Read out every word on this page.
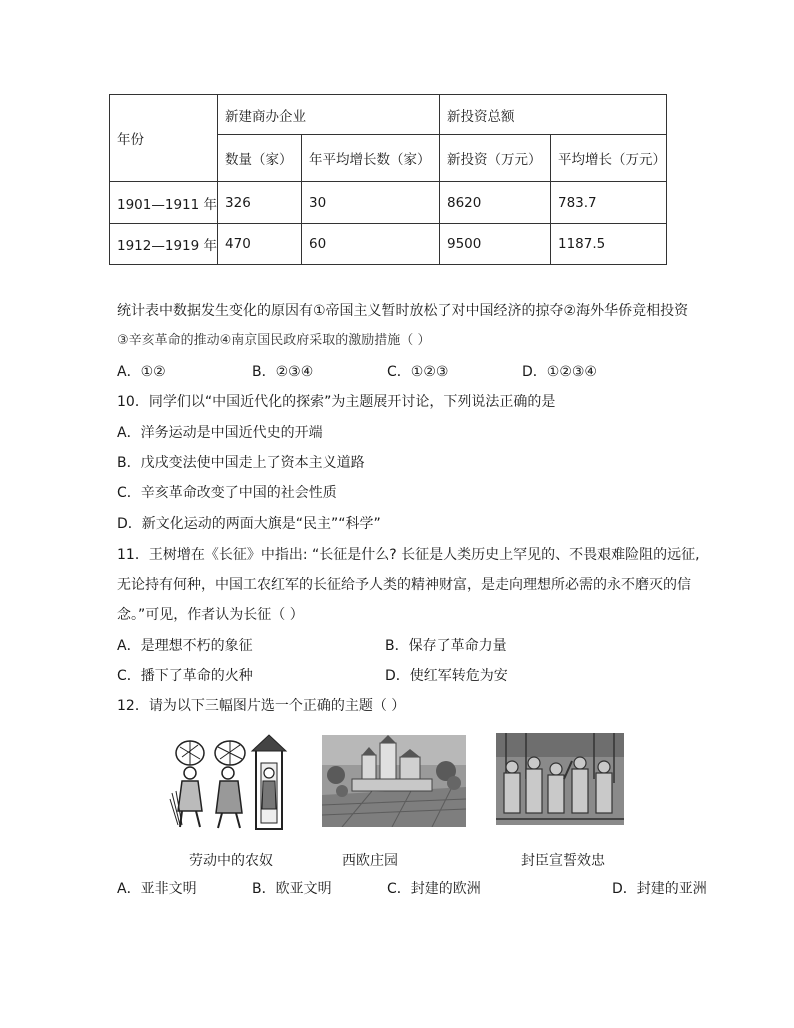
年份	新建商办企业		新投资总额	
	数量（家）	年平均增长数（家）	新投资（万元）	平均增长（万元）
1901—1911 年	326	30	8620	783.7
1912—1919 年	470	60	9500	1187.5
统计表中数据发生变化的原因有①帝国主义暂时放松了对中国经济的掠夺②海外华侨竞相投资
③辛亥革命的推动④南京国民政府采取的激励措施（ ）
A．①②	B．②③④	C．①②③	D．①②③④
10．同学们以“中国近代化的探索”为主题展开讨论，下列说法正确的是
A．洋务运动是中国近代史的开端
B．戊戌变法使中国走上了资本主义道路
C．辛亥革命改变了中国的社会性质
D．新文化运动的两面大旗是“民主”“科学”
11．王树增在《长征》中指出: “长征是什么? 长征是人类历史上罕见的、不畏艰难险阻的远征,
无论持有何种，中国工农红军的长征给予人类的精神财富，是走向理想所必需的永不磨灭的信
念。”可见，作者认为长征（ ）
A．是理想不朽的象征	B．保存了革命力量
C．播下了革命的火种	D．使红军转危为安
12．请为以下三幅图片选一个正确的主题（ ）
劳动中的农奴	西欧庄园	封臣宣誓效忠
A．亚非文明	B．欧亚文明	C．封建的欧洲	D．封建的亚洲
